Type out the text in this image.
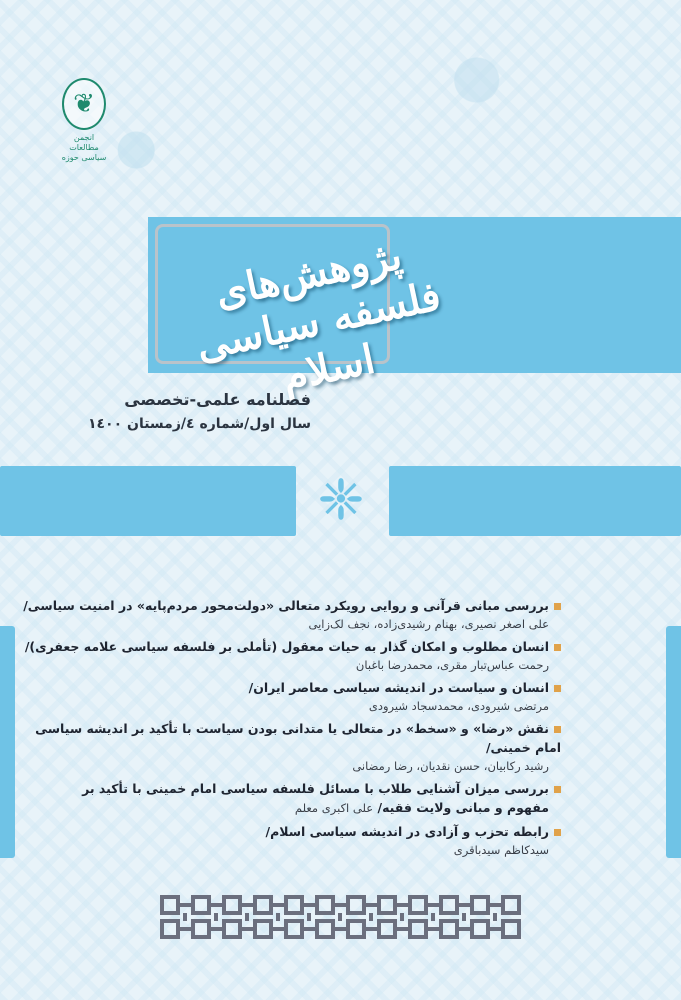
❦
انجمن مطالعات
سیاسی حوزه
پژوهش‌های فلسفه سیاسی اسلام
فصلنامه علمی-تخصصی
سال اول/شماره ٤/زمستان ١٤٠٠
❈
بررسی مبانی قرآنی و روایی رویکرد متعالی «دولت‌محور مردم‌پایه» در امنیت سیاسی/
علی اصغر نصیری، بهنام رشیدی‌زاده، نجف لک‌زایی
انسان مطلوب و امکان گذار به حیات معقول (تأملی بر فلسفه سیاسی علامه جعفری)/
رحمت عباس‌تبار مقری، محمدرضا باغبان
انسان و سیاست در اندیشه سیاسی معاصر ایران/
مرتضی شیرودی، محمدسجاد شیرودی
نقش «رضا» و «سخط» در متعالی یا متدانی بودن سیاست با تأکید بر اندیشه سیاسی امام خمینی/
رشید رکابیان، حسن نقدیان، رضا رمضانی
بررسی میزان آشنایی طلاب با مسائل فلسفه سیاسی امام خمینی با تأکید بر
مفهوم و مبانی ولایت فقیه/ علی اکبری معلم
رابطه تحزب و آزادی در اندیشه سیاسی اسلام/
سیدکاظم سیدباقری
